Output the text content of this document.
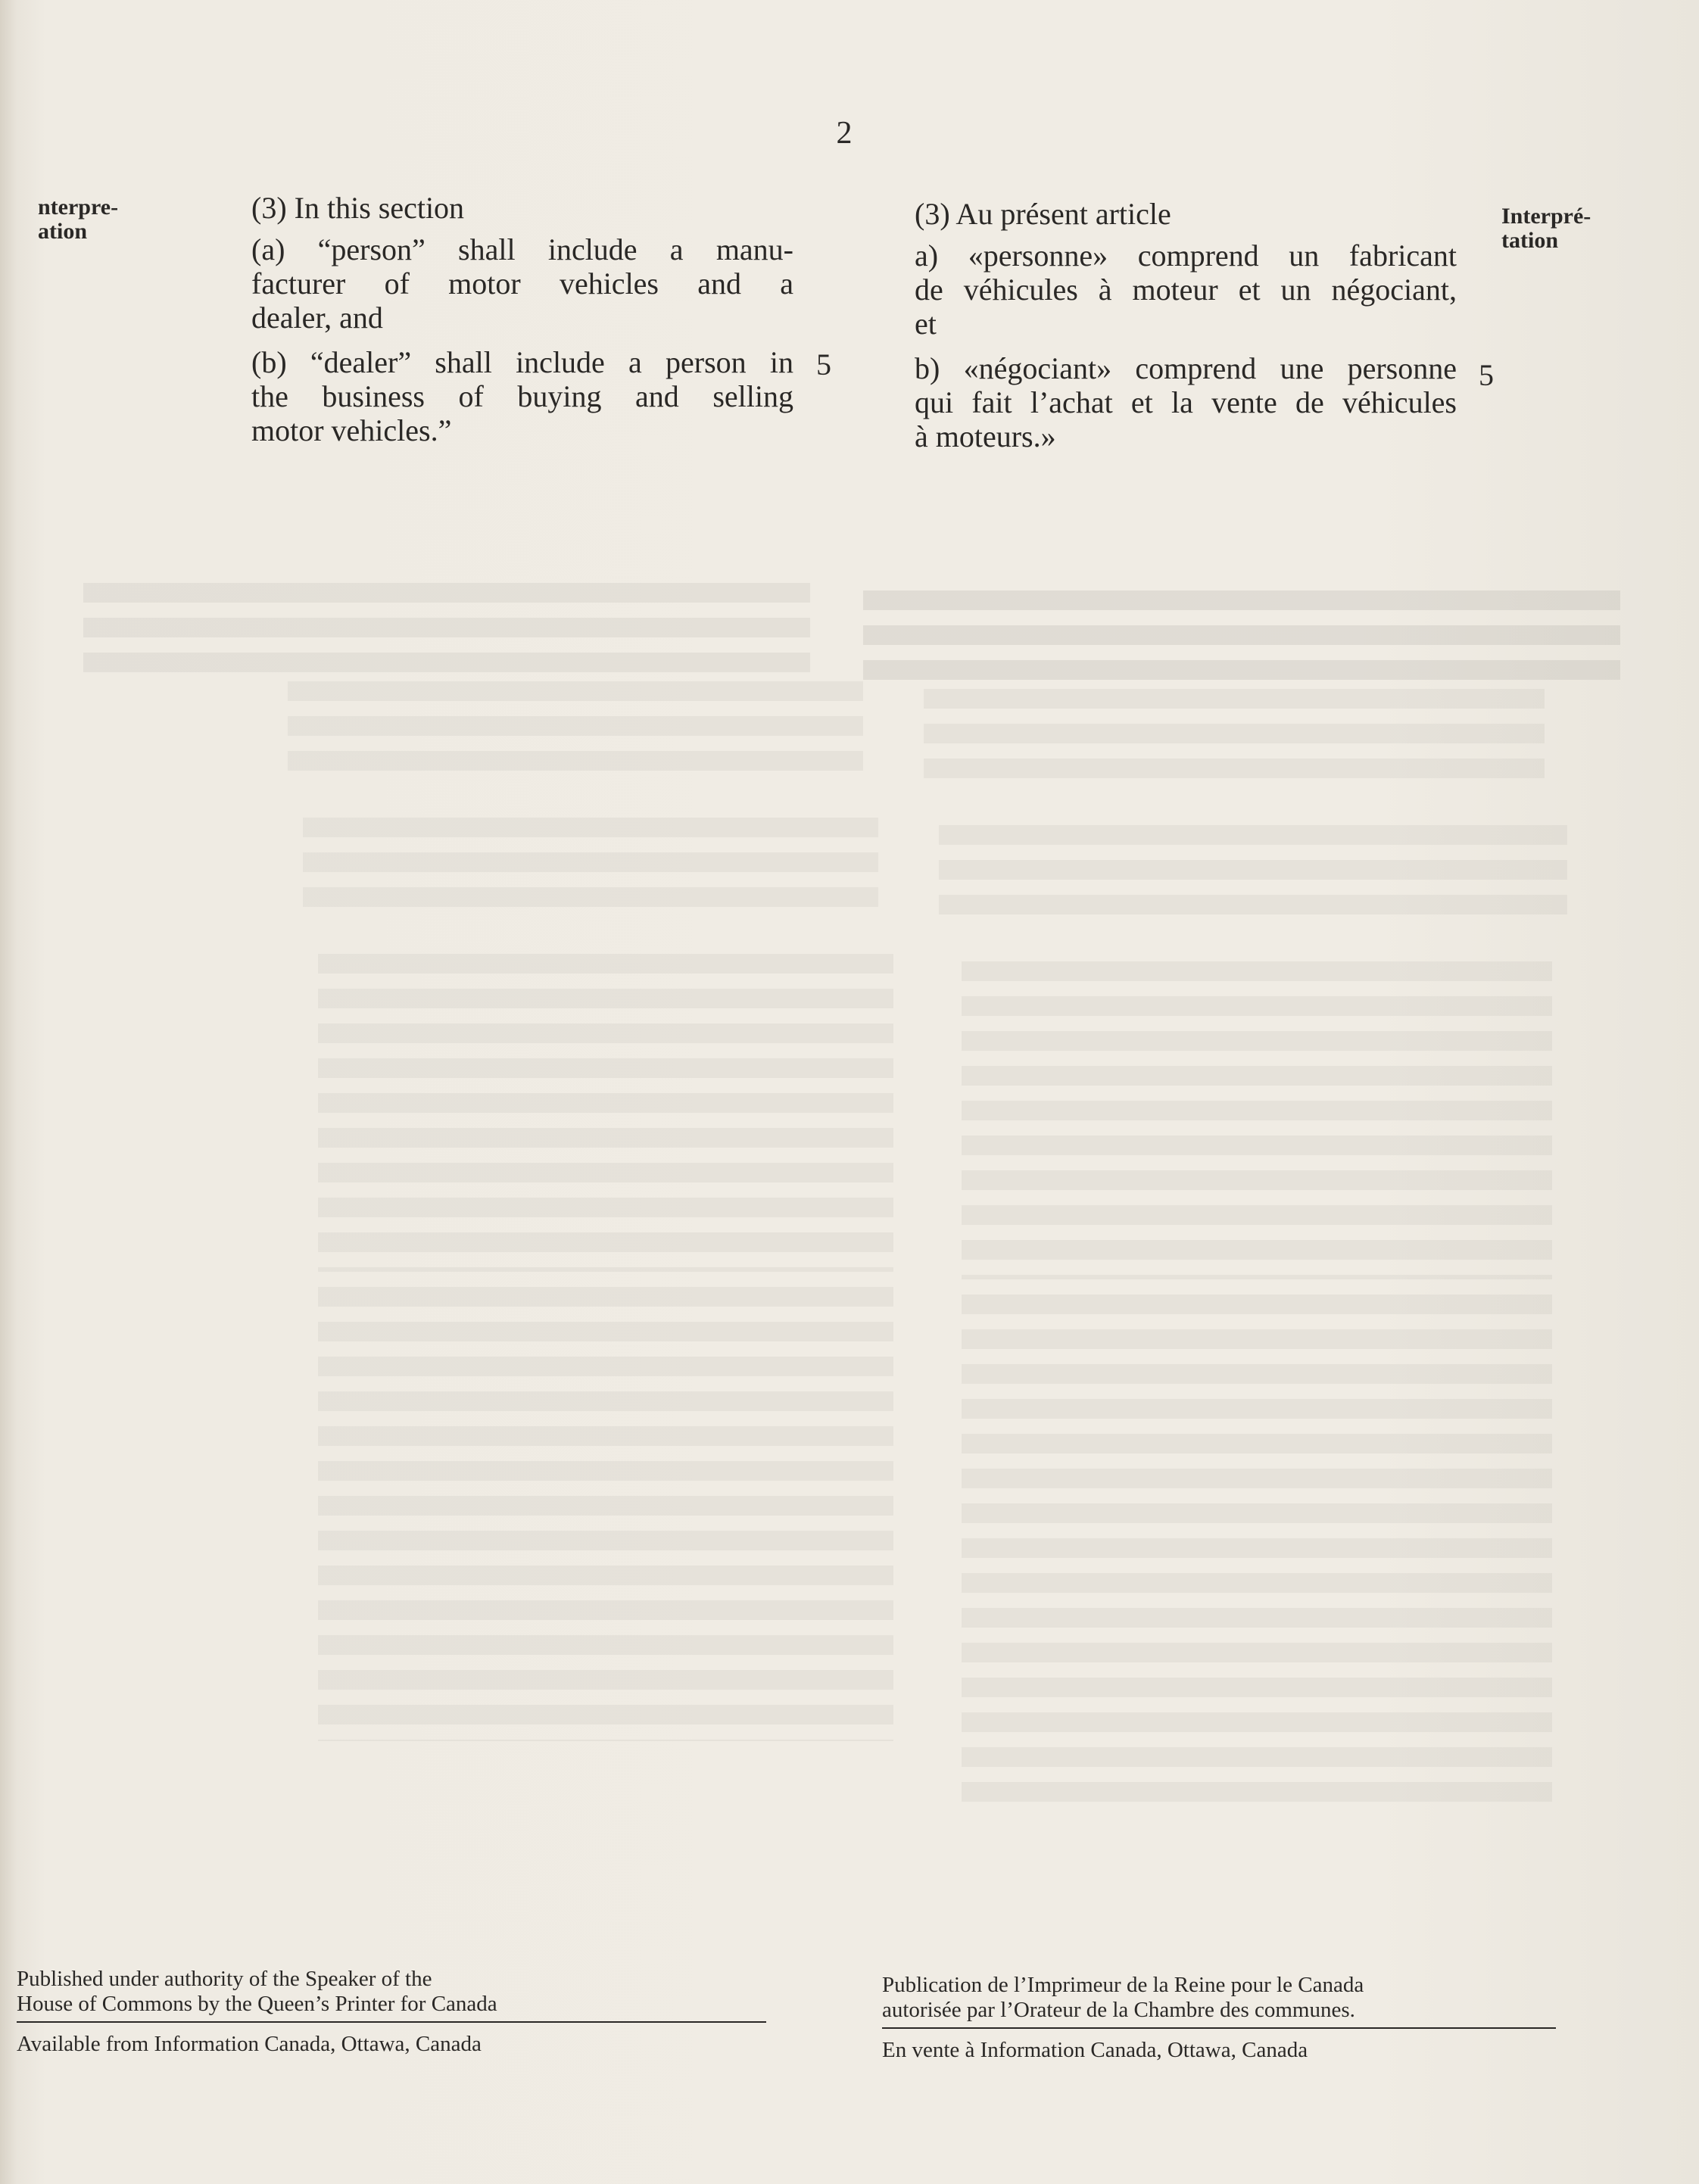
2
nterpre-
ation
Interpré-
tation

(3) In this section

(a) “person” shall include a manu-
facturer of motor vehicles and a
dealer, and

(b) “dealer” shall include a person in
the business of buying and selling
motor vehicles.”

5

(3) Au présent article

a) «personne» comprend un fabricant
de véhicules à moteur et un négociant,
et

b) «négociant» comprend une personne
qui fait l’achat et la vente de véhicules
à moteurs.»

5

Published under authority of the Speaker of the

House of Commons by the Queen’s Printer for Canada

Available from Information Canada, Ottawa, Canada

Publication de l’Imprimeur de la Reine pour le Canada

autorisée par l’Orateur de la Chambre des communes.

En vente à Information Canada, Ottawa, Canada
